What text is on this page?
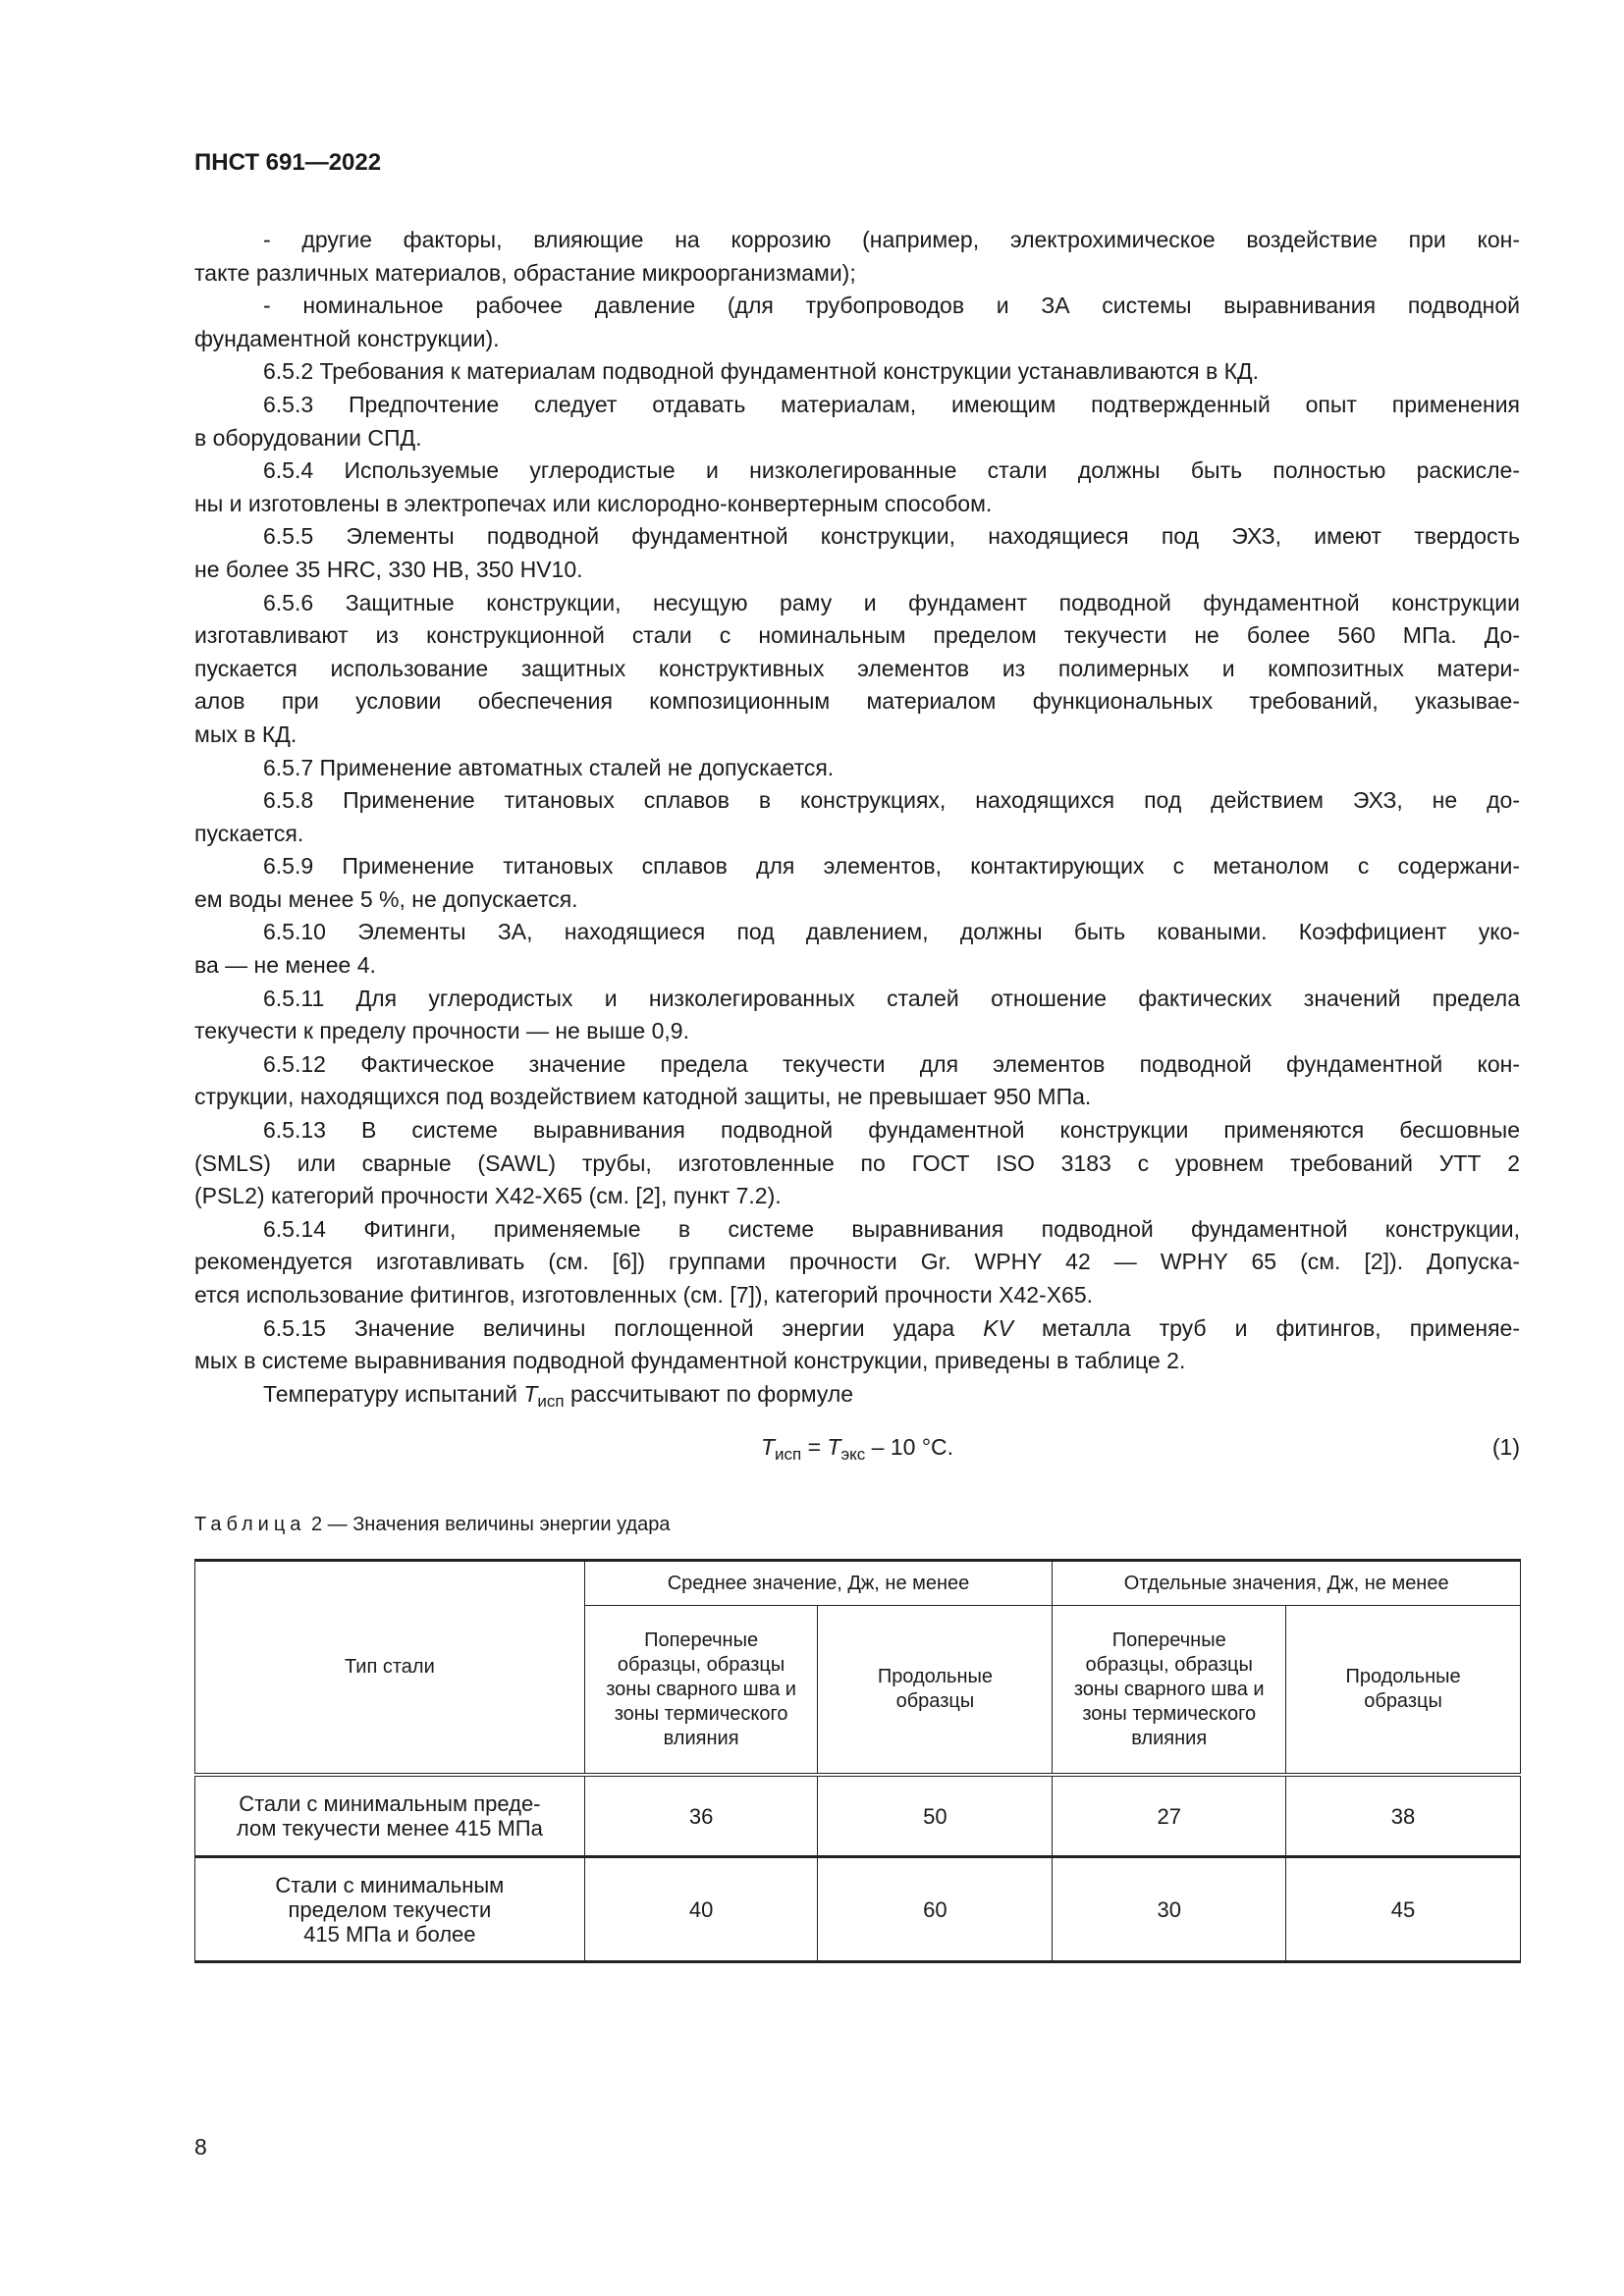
ПНСТ 691—2022
- другие факторы, влияющие на коррозию (например, электрохимическое воздействие при кон-
такте различных материалов, обрастание микроорганизмами);
- номинальное рабочее давление (для трубопроводов и ЗА системы выравнивания подводной
фундаментной конструкции).
6.5.2 Требования к материалам подводной фундаментной конструкции устанавливаются в КД.
6.5.3 Предпочтение следует отдавать материалам, имеющим подтвержденный опыт применения
в оборудовании СПД.
6.5.4 Используемые углеродистые и низколегированные стали должны быть полностью раскисле-
ны и изготовлены в электропечах или кислородно-конвертерным способом.
6.5.5 Элементы подводной фундаментной конструкции, находящиеся под ЭХЗ, имеют твердость
не более 35 HRC, 330 HB, 350 HV10.
6.5.6 Защитные конструкции, несущую раму и фундамент подводной фундаментной конструкции
изготавливают из конструкционной стали с номинальным пределом текучести не более 560 МПа. До-
пускается использование защитных конструктивных элементов из полимерных и композитных матери-
алов при условии обеспечения композиционным материалом функциональных требований, указывае-
мых в КД.
6.5.7 Применение автоматных сталей не допускается.
6.5.8 Применение титановых сплавов в конструкциях, находящихся под действием ЭХЗ, не до-
пускается.
6.5.9 Применение титановых сплавов для элементов, контактирующих с метанолом с содержани-
ем воды менее 5 %, не допускается.
6.5.10 Элементы ЗА, находящиеся под давлением, должны быть коваными. Коэффициент уко-
ва — не менее 4.
6.5.11 Для углеродистых и низколегированных сталей отношение фактических значений предела
текучести к пределу прочности — не выше 0,9.
6.5.12 Фактическое значение предела текучести для элементов подводной фундаментной кон-
струкции, находящихся под воздействием катодной защиты, не превышает 950 МПа.
6.5.13 В системе выравнивания подводной фундаментной конструкции применяются бесшовные
(SMLS) или сварные (SAWL) трубы, изготовленные по ГОСТ ISO 3183 с уровнем требований УТТ 2
(PSL2) категорий прочности X42-X65 (см. [2], пункт 7.2).
6.5.14 Фитинги, применяемые в системе выравнивания подводной фундаментной конструкции,
рекомендуется изготавливать (см. [6]) группами прочности Gr. WPHY 42 — WPHY 65 (см. [2]). Допуска-
ется использование фитингов, изготовленных (см. [7]), категорий прочности X42-X65.
6.5.15 Значение величины поглощенной энергии удара KV металла труб и фитингов, применяе-
мых в системе выравнивания подводной фундаментной конструкции, приведены в таблице 2.
Температуру испытаний $T_{исп}$ рассчитывают по формуле
$T_{исп} = T_{экс} - 10$ °C.	(1)
Таблица 2 — Значения величины энергии удара
Тип стали	Среднее значение, Дж, не менее		Отдельные значения, Дж, не менее	
	Поперечные образцы, образцы зоны сварного шва и зоны термического влияния	Продольные образцы	Поперечные образцы, образцы зоны сварного шва и зоны термического влияния	Продольные образцы
Стали с минимальным преде-
лом текучести менее 415 МПа	36	50	27	38
Стали с минимальным пределом текучести 415 МПа и более	40	60	30	45
8
